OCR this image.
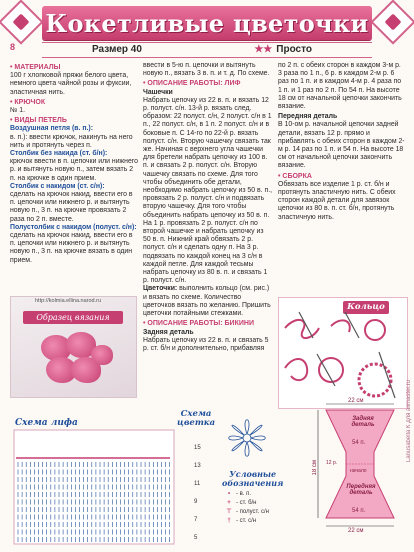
8
Кокетливые цветочки
Размер 40	★★ Просто
• МАТЕРИАЛЫ

100 г хлопковой пряжи белого цвета, немного цвета чайной розы и фуксии, эластичная нить.

• КРЮЧОК

№ 1.

• ВИДЫ ПЕТЕЛЬ
Воздушная петля (в. п.):

в. п.): ввести крючок, накинуть на него нить и протянуть через п.

Столбик без накида (ст. б/н):

крючок ввести в п. цепочки или нижнего р. и вытянуть новую п., затем вязать 2 п. на крючке в один прием.

Столбик с накидом (ст. с/н):

сделать на крючок накид, ввести его в п. цепочки или нижнего р. и вытянуть новую п., 3 п. на крючке провязать 2 раза по 2 п. вместе.

Полустолбик с накидом (полуст. с/н):

сделать на крючок накид, ввести его в п. цепочки или нижнего р. и вытянуть новую п., 3 п. на крючке вязать в один прием.

ввести в 5-ю п. цепочки и вытянуть новую п., вязать 3 в. п. и т. д. По схеме.

• ОПИСАНИЕ РАБОТЫ: ЛИФ
Чашечки

Набрать цепочку из 22 в. п. и вязать 12 р. полуст. с/н. 13-й р. вязать след. образом: 22 полуст. с/н, 2 полуст. с/н в 1 п., 22 полуст. с/н, в 1 п. 2 полуст. с/н и в боковые п. С 14-го по 22-й р. вязать полуст. с/н. Вторую чашечку связать так же. Начиная с верхнего угла чашечки для бретели набрать цепочку из 100 в. п. и связать 2 р. полуст. с/н. Вторую чашечку связать по схеме. Для того чтобы объединить обе детали, необходимо набрать цепочку из 50 в. п., провязать 2 р. полуст. с/н и подвязать вторую чашечку. Для того чтобы объединить набрать цепочку из 50 в. п. На 1 р. провязать 2 р. полуст. с/н по второй чашечке и набрать цепочку из 50 в. п. Нижний край обвязать 2 р. полуст. с/н и сделать одну п. На 3 р. подвязать по каждой конец на 3 с/н в каждой петле. Для каждой тесьмы набрать цепочку из 80 в. п. и связать 1 р. полуст. с/н.

Цветочки: выполнить кольцо (см. рис.) и вязать по схеме. Количество цветочков вязать по желанию. Пришить цветочки потайными стежками.
• ОПИСАНИЕ РАБОТЫ: БИКИНИ
Задняя деталь

Набрать цепочку из 22 в. п. и связать 5 р. ст. б/н и дополнительно, прибавляя

по 2 п. с обеих сторон в каждом 3-м р. 3 раза по 1 п., 6 р. в каждом 2-м р. 6 раз по 1 п. и в каждом 4-м р. 4 раза по 1 п. и 1 раз по 2 п. По 54 п. На высоте 18 см от начальной цепочки закончить вязание.

Передняя деталь

В 10-ом р. начальной цепочки задней детали, вязать 12 р. прямо и прибавлять с обеих сторон в каждом 2-м р. 14 раз по 1 п. и 54 п. На высоте 18 см от начальной цепочки закончить вязание.

• СБОРКА

Обвязать все изделие 1 р. ст. б/н и протянуть эластичную нить. С обеих сторон каждой детали для завязок цепочки из 80 в. п. ст. б/н, протянуть эластичную нить.

http://kolmia.ellina.narod.ru
Образец вязания
Кольцо
Схема лифа
Схема
цветка
15
13
11
9
7
5
Условные
обозначения
• - в. п.
+ - ст. б/н
⊤ - полуст. с/н
† - ст. с/н
22 см
Задняя деталь
54 п.
18 см 12 р.
начало
Передняя деталь
54 п.
22 см
Lanusabella К для alimaster.ru
